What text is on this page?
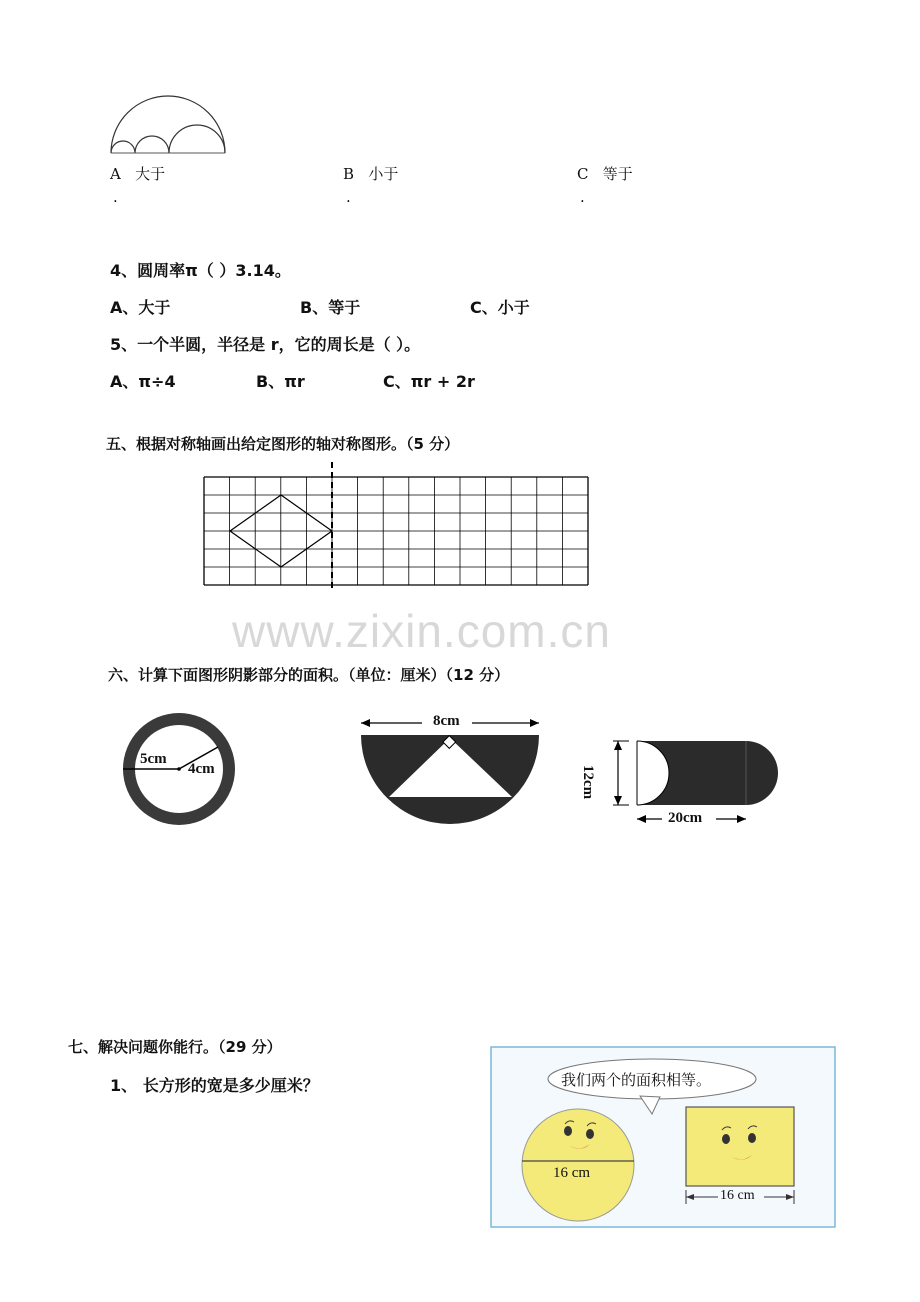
A 大于
.
B 小于
.
C 等于
.
4、圆周率π（ ）3.14。
A、大于	B、等于	C、小于
5、一个半圆，半径是 r，它的周长是（ ）。
A、π÷4	B、πr	C、πr + 2r
五、根据对称轴画出给定图形的轴对称图形。（5 分）
www.zixin.com.cn
六、计算下面图形阴影部分的面积。（单位：厘米）（12 分）
5cm
4cm
8cm
12cm
20cm
七、解决问题你能行。（29 分）
1、 长方形的宽是多少厘米？	我们两个的面积相等。
16 cm
16 cm
